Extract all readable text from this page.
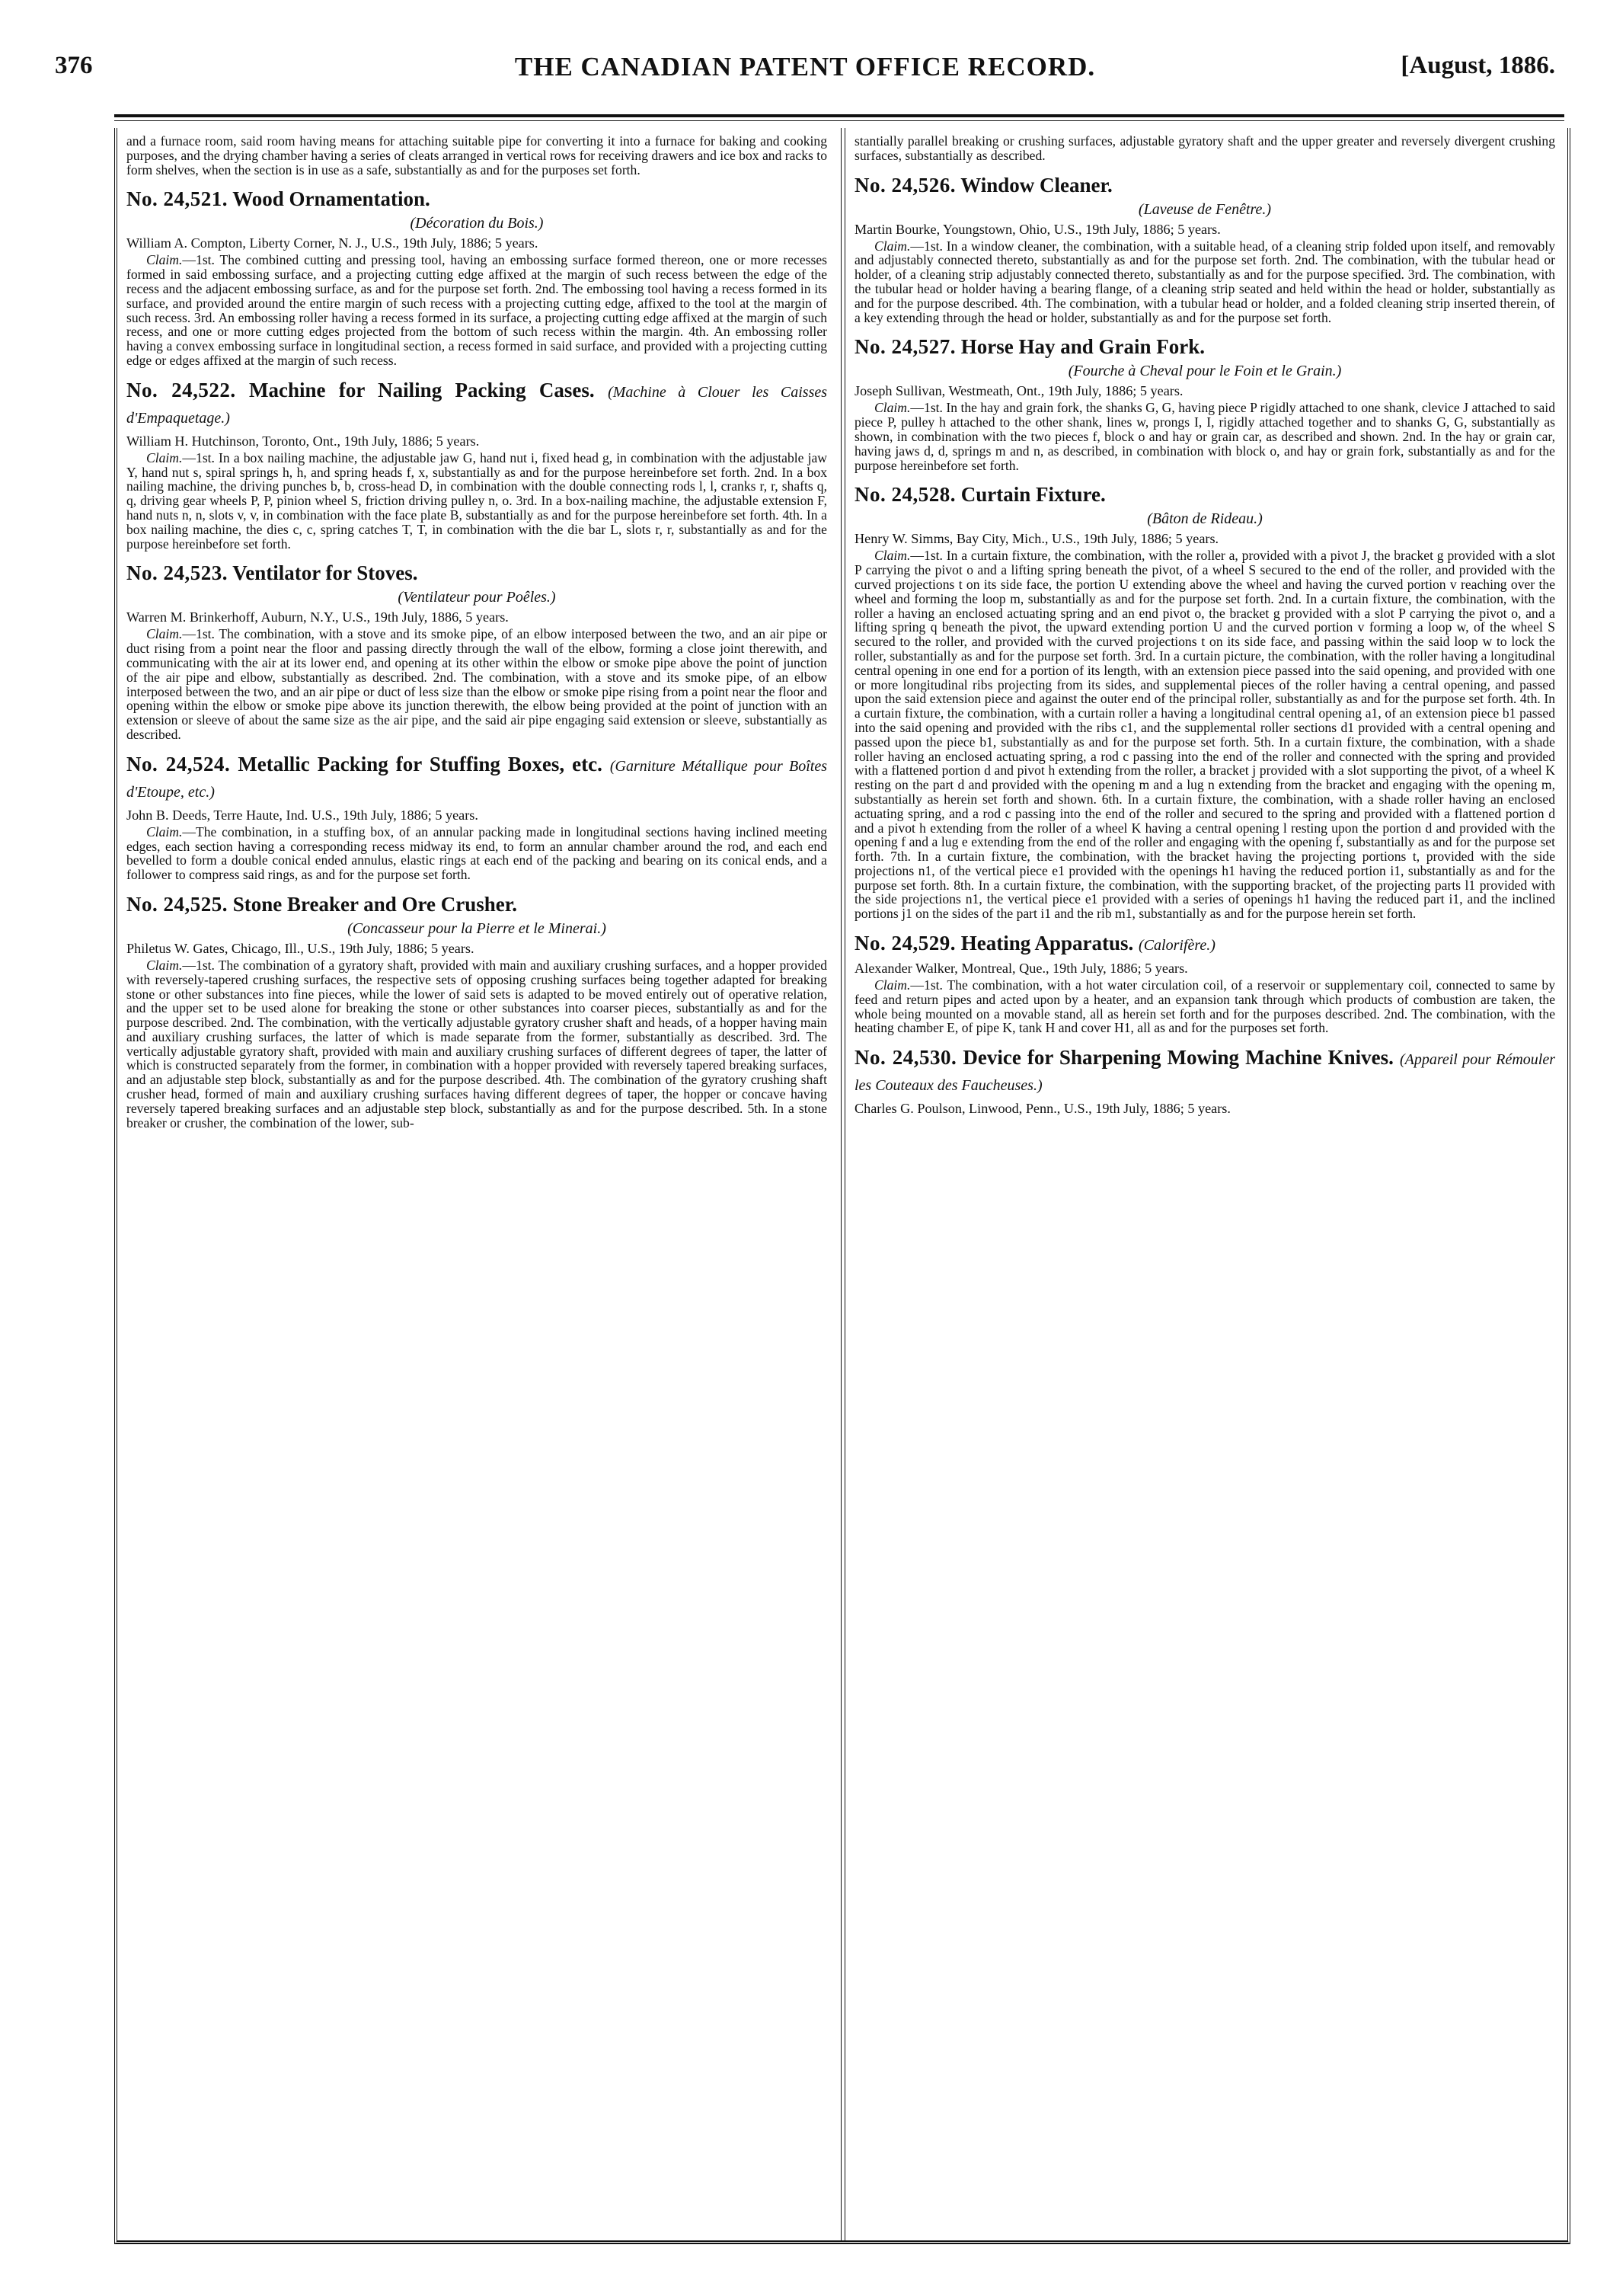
376	THE CANADIAN PATENT OFFICE RECORD.	[August, 1886.

and a furnace room, said room having means for attaching suitable pipe for converting it into a furnace for baking and cooking purposes, and the drying chamber having a series of cleats arranged in vertical rows for receiving drawers and ice box and racks to form shelves, when the section is in use as a safe, substantially as and for the purposes set forth.

No. 24,521. Wood Ornamentation.
(Décoration du Bois.)
William A. Compton, Liberty Corner, N. J., U.S., 19th July, 1886; 5 years.

Claim.—1st. The combined cutting and pressing tool, having an embossing surface formed thereon, one or more recesses formed in said embossing surface, and a projecting cutting edge affixed at the margin of such recess between the edge of the recess and the adjacent embossing surface, as and for the purpose set forth. 2nd. The embossing tool having a recess formed in its surface, and provided around the entire margin of such recess with a projecting cutting edge, affixed to the tool at the margin of such recess. 3rd. An embossing roller having a recess formed in its surface, a projecting cutting edge affixed at the margin of such recess, and one or more cutting edges projected from the bottom of such recess within the margin. 4th. An embossing roller having a convex embossing surface in longitudinal section, a recess formed in said surface, and provided with a projecting cutting edge or edges affixed at the margin of such recess.

No. 24,522. Machine for Nailing Packing Cases. (Machine à Clouer les Caisses d'Empaquetage.)
William H. Hutchinson, Toronto, Ont., 19th July, 1886; 5 years.

Claim.—1st. In a box nailing machine, the adjustable jaw G, hand nut i, fixed head g, in combination with the adjustable jaw Y, hand nut s, spiral springs h, h, and spring heads f, x, substantially as and for the purpose hereinbefore set forth. 2nd. In a box nailing machine, the driving punches b, b, cross-head D, in combination with the double connecting rods l, l, cranks r, r, shafts q, q, driving gear wheels P, P, pinion wheel S, friction driving pulley n, o. 3rd. In a box-nailing machine, the adjustable extension F, hand nuts n, n, slots v, v, in combination with the face plate B, substantially as and for the purpose hereinbefore set forth. 4th. In a box nailing machine, the dies c, c, spring catches T, T, in combination with the die bar L, slots r, r, substantially as and for the purpose hereinbefore set forth.

No. 24,523. Ventilator for Stoves.
(Ventilateur pour Poêles.)
Warren M. Brinkerhoff, Auburn, N.Y., U.S., 19th July, 1886, 5 years.

Claim.—1st. The combination, with a stove and its smoke pipe, of an elbow interposed between the two, and an air pipe or duct rising from a point near the floor and passing directly through the wall of the elbow, forming a close joint therewith, and communicating with the air at its lower end, and opening at its other within the elbow or smoke pipe above the point of junction of the air pipe and elbow, substantially as described. 2nd. The combination, with a stove and its smoke pipe, of an elbow interposed between the two, and an air pipe or duct of less size than the elbow or smoke pipe rising from a point near the floor and opening within the elbow or smoke pipe above its junction therewith, the elbow being provided at the point of junction with an extension or sleeve of about the same size as the air pipe, and the said air pipe engaging said extension or sleeve, substantially as described.

No. 24,524. Metallic Packing for Stuffing Boxes, etc. (Garniture Métallique pour Boîtes d'Etoupe, etc.)
John B. Deeds, Terre Haute, Ind. U.S., 19th July, 1886; 5 years.

Claim.—The combination, in a stuffing box, of an annular packing made in longitudinal sections having inclined meeting edges, each section having a corresponding recess midway its end, to form an annular chamber around the rod, and each end bevelled to form a double conical ended annulus, elastic rings at each end of the packing and bearing on its conical ends, and a follower to compress said rings, as and for the purpose set forth.

No. 24,525. Stone Breaker and Ore Crusher.
(Concasseur pour la Pierre et le Minerai.)
Philetus W. Gates, Chicago, Ill., U.S., 19th July, 1886; 5 years.

Claim.—1st. The combination of a gyratory shaft, provided with main and auxiliary crushing surfaces, and a hopper provided with reversely-tapered crushing surfaces, the respective sets of opposing crushing surfaces being together adapted for breaking stone or other substances into fine pieces, while the lower of said sets is adapted to be moved entirely out of operative relation, and the upper set to be used alone for breaking the stone or other substances into coarser pieces, substantially as and for the purpose described. 2nd. The combination, with the vertically adjustable gyratory crusher shaft and heads, of a hopper having main and auxiliary crushing surfaces, the latter of which is made separate from the former, substantially as described. 3rd. The vertically adjustable gyratory shaft, provided with main and auxiliary crushing surfaces of different degrees of taper, the latter of which is constructed separately from the former, in combination with a hopper provided with reversely tapered breaking surfaces, and an adjustable step block, substantially as and for the purpose described. 4th. The combination of the gyratory crushing shaft crusher head, formed of main and auxiliary crushing surfaces having different degrees of taper, the hopper or concave having reversely tapered breaking surfaces and an adjustable step block, substantially as and for the purpose described. 5th. In a stone breaker or crusher, the combination of the lower, sub-

stantially parallel breaking or crushing surfaces, adjustable gyratory shaft and the upper greater and reversely divergent crushing surfaces, substantially as described.

No. 24,526. Window Cleaner.
(Laveuse de Fenêtre.)
Martin Bourke, Youngstown, Ohio, U.S., 19th July, 1886; 5 years.

Claim.—1st. In a window cleaner, the combination, with a suitable head, of a cleaning strip folded upon itself, and removably and adjustably connected thereto, substantially as and for the purpose set forth. 2nd. The combination, with the tubular head or holder, of a cleaning strip adjustably connected thereto, substantially as and for the purpose specified. 3rd. The combination, with the tubular head or holder having a bearing flange, of a cleaning strip seated and held within the head or holder, substantially as and for the purpose described. 4th. The combination, with a tubular head or holder, and a folded cleaning strip inserted therein, of a key extending through the head or holder, substantially as and for the purpose set forth.

No. 24,527. Horse Hay and Grain Fork.
(Fourche à Cheval pour le Foin et le Grain.)
Joseph Sullivan, Westmeath, Ont., 19th July, 1886; 5 years.

Claim.—1st. In the hay and grain fork, the shanks G, G, having piece P rigidly attached to one shank, clevice J attached to said piece P, pulley h attached to the other shank, lines w, prongs I, I, rigidly attached together and to shanks G, G, substantially as shown, in combination with the two pieces f, block o and hay or grain car, as described and shown. 2nd. In the hay or grain car, having jaws d, d, springs m and n, as described, in combination with block o, and hay or grain fork, substantially as and for the purpose hereinbefore set forth.

No. 24,528. Curtain Fixture.
(Bâton de Rideau.)
Henry W. Simms, Bay City, Mich., U.S., 19th July, 1886; 5 years.

Claim.—1st. In a curtain fixture, the combination, with the roller a, provided with a pivot J, the bracket g provided with a slot P carrying the pivot o and a lifting spring beneath the pivot, of a wheel S secured to the end of the roller, and provided with the curved projections t on its side face, the portion U extending above the wheel and having the curved portion v reaching over the wheel and forming the loop m, substantially as and for the purpose set forth. 2nd. In a curtain fixture, the combination, with the roller a having an enclosed actuating spring and an end pivot o, the bracket g provided with a slot P carrying the pivot o, and a lifting spring q beneath the pivot, the upward extending portion U and the curved portion v forming a loop w, of the wheel S secured to the roller, and provided with the curved projections t on its side face, and passing within the said loop w to lock the roller, substantially as and for the purpose set forth. 3rd. In a curtain picture, the combination, with the roller having a longitudinal central opening in one end for a portion of its length, with an extension piece passed into the said opening, and provided with one or more longitudinal ribs projecting from its sides, and supplemental pieces of the roller having a central opening, and passed upon the said extension piece and against the outer end of the principal roller, substantially as and for the purpose set forth. 4th. In a curtain fixture, the combination, with a curtain roller a having a longitudinal central opening a1, of an extension piece b1 passed into the said opening and provided with the ribs c1, and the supplemental roller sections d1 provided with a central opening and passed upon the piece b1, substantially as and for the purpose set forth. 5th. In a curtain fixture, the combination, with a shade roller having an enclosed actuating spring, a rod c passing into the end of the roller and connected with the spring and provided with a flattened portion d and pivot h extending from the roller, a bracket j provided with a slot supporting the pivot, of a wheel K resting on the part d and provided with the opening m and a lug n extending from the bracket and engaging with the opening m, substantially as herein set forth and shown. 6th. In a curtain fixture, the combination, with a shade roller having an enclosed actuating spring, and a rod c passing into the end of the roller and secured to the spring and provided with a flattened portion d and a pivot h extending from the roller of a wheel K having a central opening l resting upon the portion d and provided with the opening f and a lug e extending from the end of the roller and engaging with the opening f, substantially as and for the purpose set forth. 7th. In a curtain fixture, the combination, with the bracket having the projecting portions t, provided with the side projections n1, of the vertical piece e1 provided with the openings h1 having the reduced portion i1, substantially as and for the purpose set forth. 8th. In a curtain fixture, the combination, with the supporting bracket, of the projecting parts l1 provided with the side projections n1, the vertical piece e1 provided with a series of openings h1 having the reduced part i1, and the inclined portions j1 on the sides of the part i1 and the rib m1, substantially as and for the purpose herein set forth.

No. 24,529. Heating Apparatus. (Calorifère.)
Alexander Walker, Montreal, Que., 19th July, 1886; 5 years.

Claim.—1st. The combination, with a hot water circulation coil, of a reservoir or supplementary coil, connected to same by feed and return pipes and acted upon by a heater, and an expansion tank through which products of combustion are taken, the whole being mounted on a movable stand, all as herein set forth and for the purposes described. 2nd. The combination, with the heating chamber E, of pipe K, tank H and cover H1, all as and for the purposes set forth.

No. 24,530. Device for Sharpening Mowing Machine Knives. (Appareil pour Rémouler les Couteaux des Faucheuses.)
Charles G. Poulson, Linwood, Penn., U.S., 19th July, 1886; 5 years.
